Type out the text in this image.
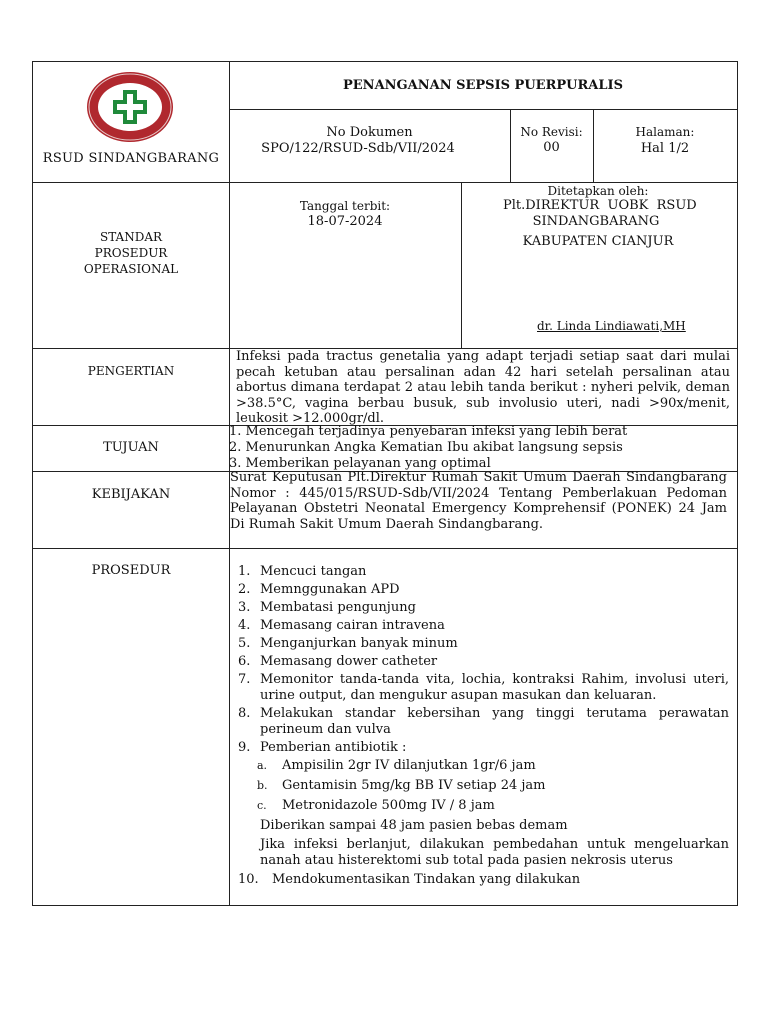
RSUD SINDANGBARANG
PENANGANAN SEPSIS PUERPURALIS
No Dokumen
SPO/122/RSUD-Sdb/VII/2024
No Revisi:
00
Halaman:
Hal 1/2
STANDAR
PROSEDUR
OPERASIONAL
Tanggal terbit:
18-07-2024
Ditetapkan oleh:
Plt.DIREKTUR  UOBK  RSUD
SINDANGBARANG
KABUPATEN CIANJUR
dr. Linda Lindiawati,MH
PENGERTIAN
Infeksi pada tractus genetalia yang adapt terjadi setiap saat dari mulai pecah ketuban atau persalinan adan 42 hari setelah persalinan atau abortus dimana terdapat 2 atau lebih tanda berikut : nyheri pelvik, deman >38.5°C, vagina berbau busuk, sub involusio uteri, nadi >90x/menit, leukosit >12.000gr/dl.
TUJUAN
1. Mencegah terjadinya penyebaran infeksi yang lebih berat
2. Menurunkan Angka Kematian Ibu akibat langsung sepsis
3. Memberikan pelayanan yang optimal
KEBIJAKAN
Surat Keputusan Plt.Direktur Rumah Sakit Umum Daerah Sindangbarang Nomor : 445/015/RSUD-Sdb/VII/2024 Tentang Pemberlakuan Pedoman Pelayanan Obstetri Neonatal Emergency Komprehensif (PONEK) 24 Jam Di Rumah Sakit Umum Daerah Sindangbarang.
PROSEDUR	1. Mencuci tangan
2. Memnggunakan APD
3. Membatasi pengunjung
4. Memasang cairan intravena
5. Menganjurkan banyak minum
6. Memasang dower catheter
7. Memonitor tanda-tanda vita, lochia, kontraksi Rahim, involusi uteri, urine output, dan mengukur asupan masukan dan keluaran.
8. Melakukan standar kebersihan yang tinggi terutama perawatan perineum dan vulva
9. Pemberian antibiotik :
a. Ampisilin 2gr IV dilanjutkan 1gr/6 jam
b. Gentamisin 5mg/kg BB IV setiap 24 jam
c. Metronidazole 500mg IV / 8 jam
Diberikan sampai 48 jam pasien bebas demam
Jika infeksi berlanjut, dilakukan pembedahan untuk mengeluarkan nanah atau histerektomi sub total pada pasien nekrosis uterus
10. Mendokumentasikan Tindakan yang dilakukan
